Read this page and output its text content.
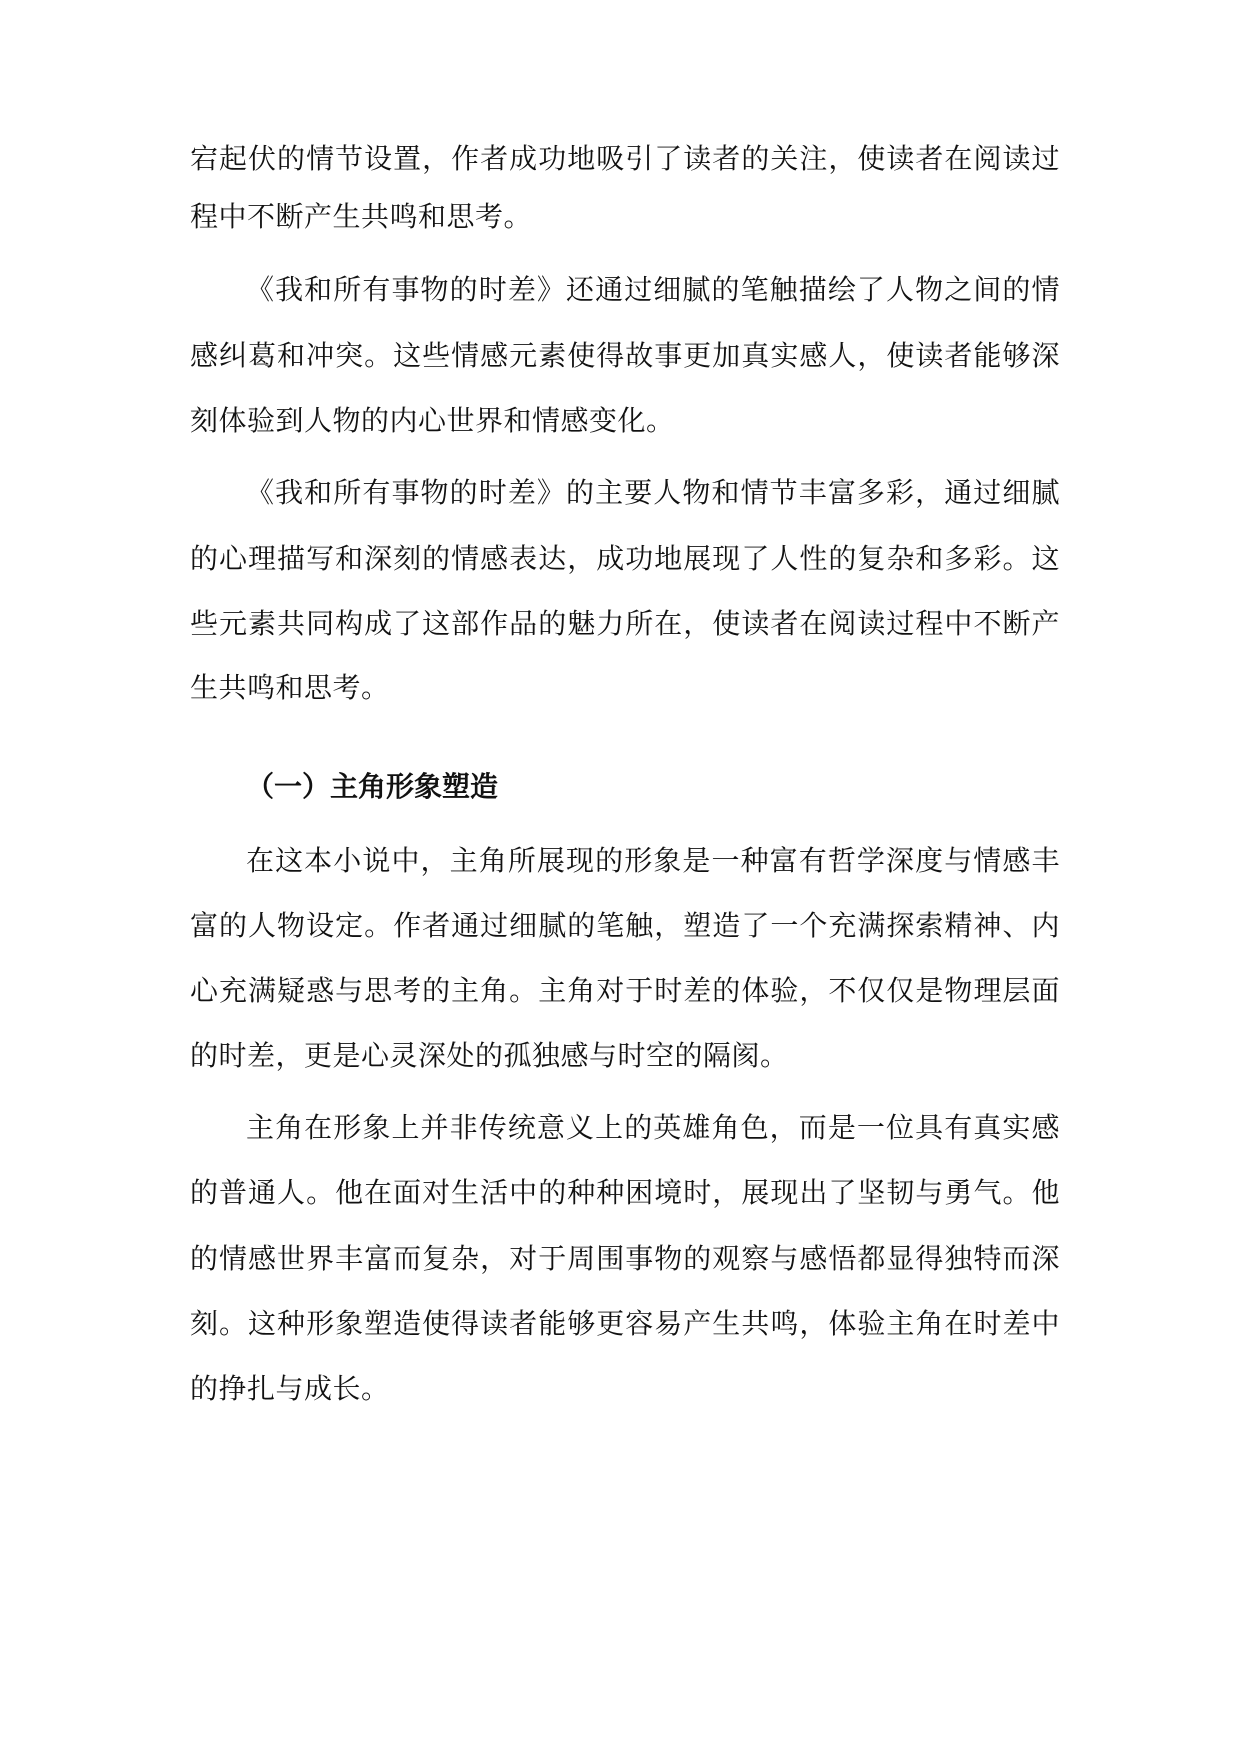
宕起伏的情节设置，作者成功地吸引了读者的关注，使读者在阅读过
程中不断产生共鸣和思考。
《我和所有事物的时差》还通过细腻的笔触描绘了人物之间的情
感纠葛和冲突。这些情感元素使得故事更加真实感人，使读者能够深
刻体验到人物的内心世界和情感变化。
《我和所有事物的时差》的主要人物和情节丰富多彩，通过细腻
的心理描写和深刻的情感表达，成功地展现了人性的复杂和多彩。这
些元素共同构成了这部作品的魅力所在，使读者在阅读过程中不断产
生共鸣和思考。
（一）主角形象塑造
在这本小说中，主角所展现的形象是一种富有哲学深度与情感丰
富的人物设定。作者通过细腻的笔触，塑造了一个充满探索精神、内
心充满疑惑与思考的主角。主角对于时差的体验，不仅仅是物理层面
的时差，更是心灵深处的孤独感与时空的隔阂。
主角在形象上并非传统意义上的英雄角色，而是一位具有真实感
的普通人。他在面对生活中的种种困境时，展现出了坚韧与勇气。他
的情感世界丰富而复杂，对于周围事物的观察与感悟都显得独特而深
刻。这种形象塑造使得读者能够更容易产生共鸣，体验主角在时差中
的挣扎与成长。
